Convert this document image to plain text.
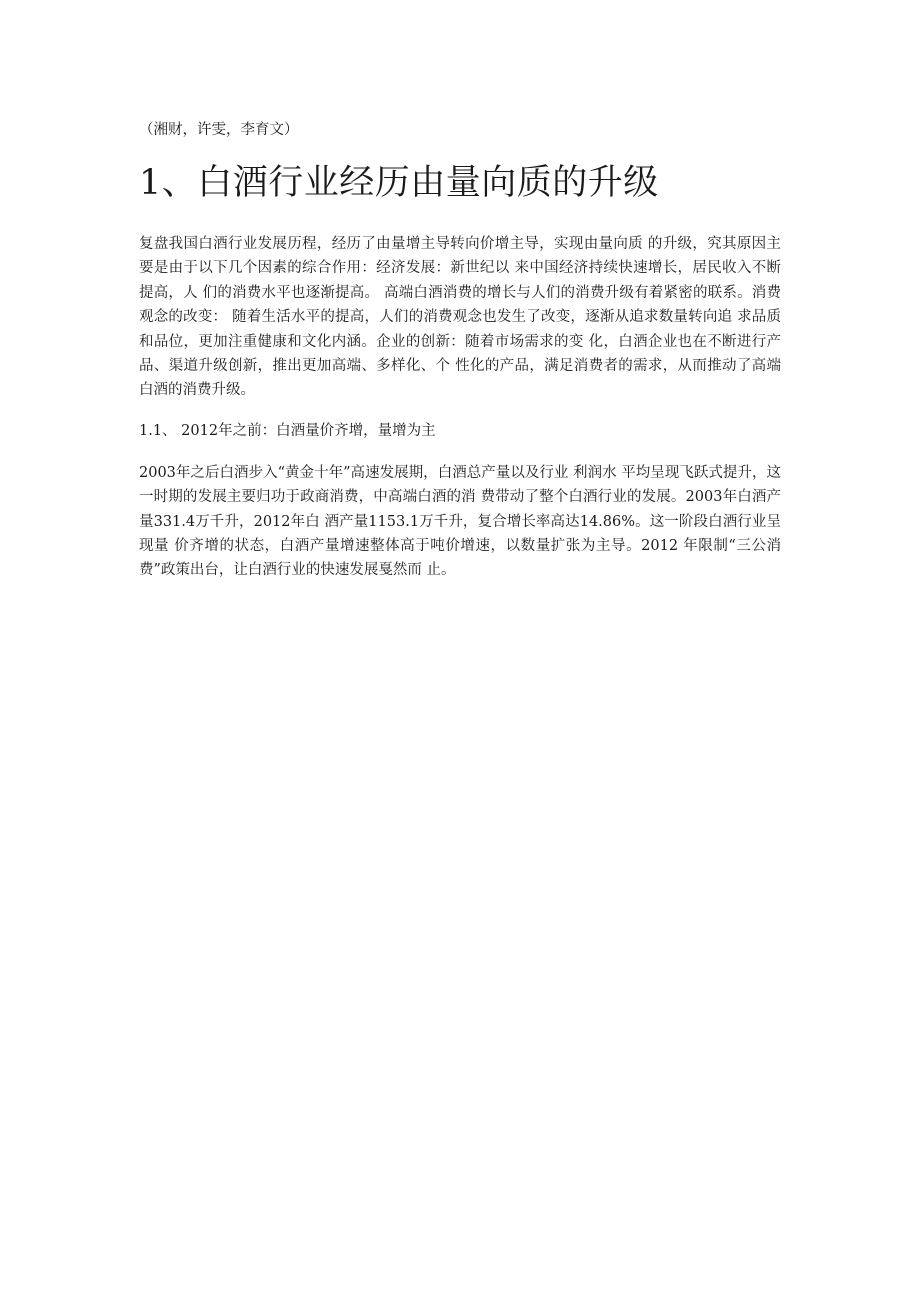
（湘财，许雯，李育文）

1、白酒行业经历由量向质的升级

复盘我国白酒行业发展历程，经历了由量增主导转向价增主导，实现由量向质 的升级，究其原因主要是由于以下几个因素的综合作用：经济发展：新世纪以 来中国经济持续快速增长，居民收入不断提高，人 们的消费水平也逐渐提高。 高端白酒消费的增长与人们的消费升级有着紧密的联系。消费观念的改变： 随着生活水平的提高，人们的消费观念也发生了改变，逐渐从追求数量转向追 求品质和品位，更加注重健康和文化内涵。企业的创新：随着市场需求的变 化，白酒企业也在不断进行产品、渠道升级创新，推出更加高端、多样化、个 性化的产品，满足消费者的需求，从而推动了高端白酒的消费升级。

1.1、 2012年之前：白酒量价齐增，量增为主

2003年之后白酒步入“黄金十年”高速发展期，白酒总产量以及行业 利润水 平均呈现飞跃式提升，这一时期的发展主要归功于政商消费，中高端白酒的消 费带动了整个白酒行业的发展。2003年白酒产量331.4万千升，2012年白 酒产量1153.1万千升，复合增长率高达14.86%。这一阶段白酒行业呈现量 价齐增的状态，白酒产量增速整体高于吨价增速，以数量扩张为主导。2012 年限制“三公消费”政策出台，让白酒行业的快速发展戛然而 止。
